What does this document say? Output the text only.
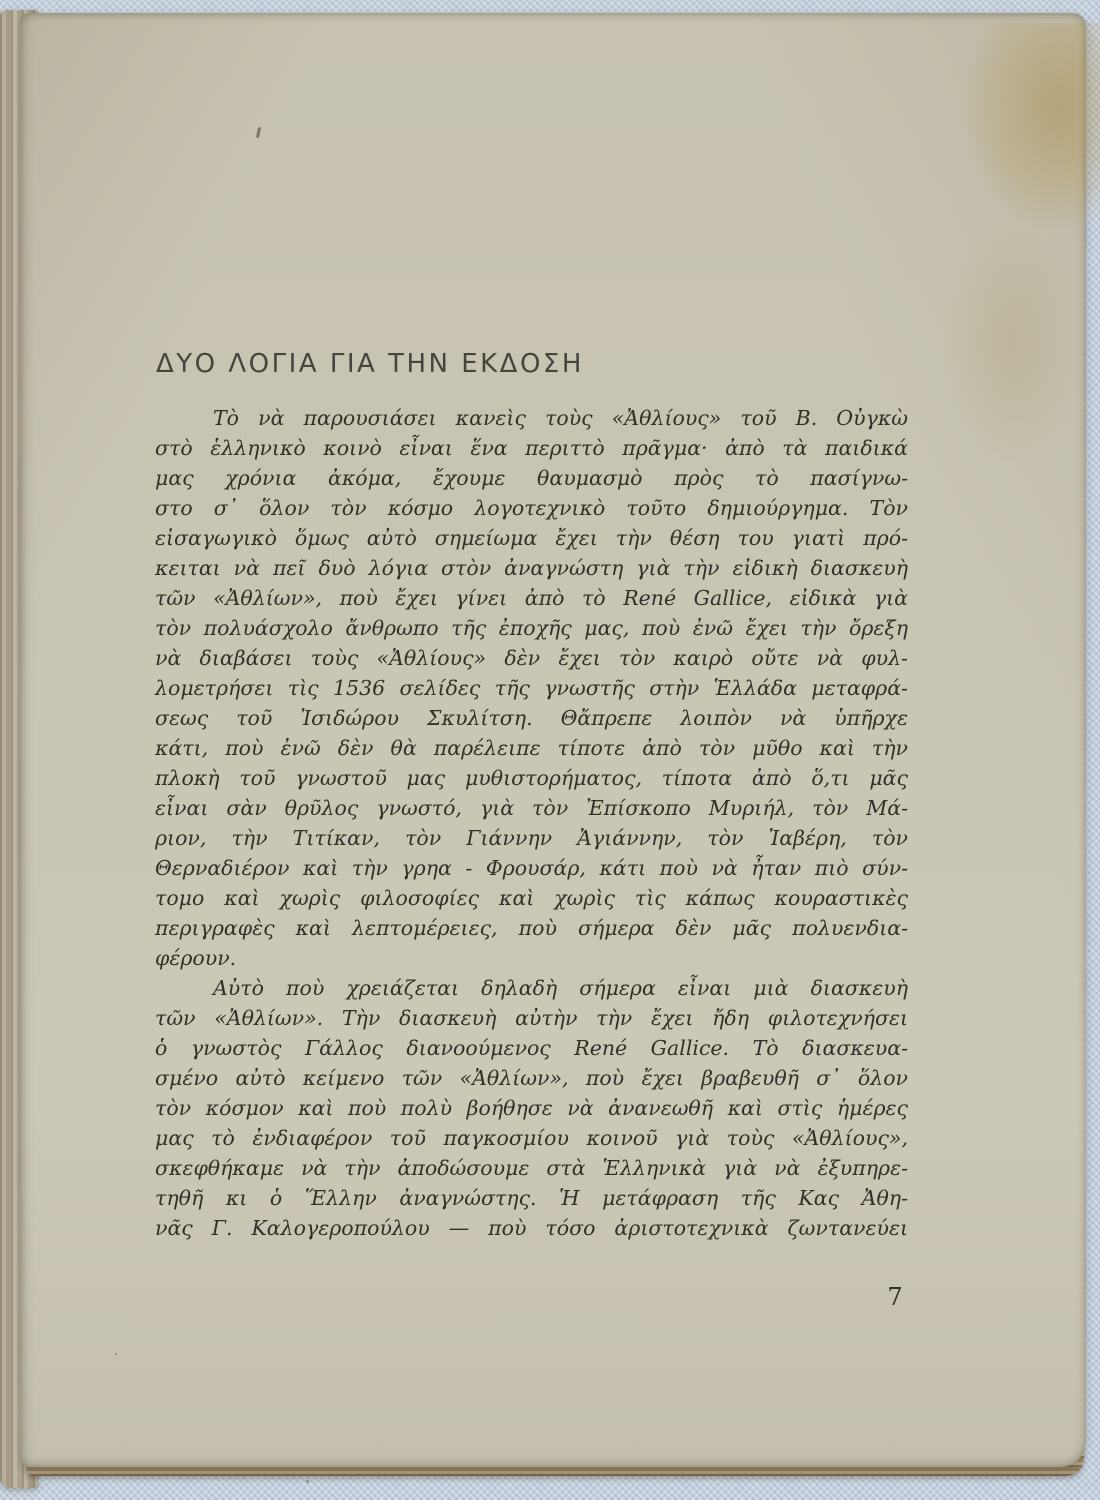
ΔΥΟ ΛΟΓΙΑ ΓΙΑ ΤΗΝ ΕΚΔΟΣΗ
Τὸ νὰ παρουσιάσει κανεὶς τοὺς «Ἀθλίους» τοῦ Β. Οὐγκὼ
στὸ ἑλληνικὸ κοινὸ εἶναι ἕνα περιττὸ πρᾶγμα· ἀπὸ τὰ παιδικά
μας χρόνια ἀκόμα, ἔχουμε θαυμασμὸ πρὸς τὸ πασίγνω-
στο σ᾽ ὅλον τὸν κόσμο λογοτεχνικὸ τοῦτο δημιούργημα. Τὸν
εἰσαγωγικὸ ὅμως αὐτὸ σημείωμα ἔχει τὴν θέση του γιατὶ πρό-
κειται νὰ πεῖ δυὸ λόγια στὸν ἀναγνώστη γιὰ τὴν εἰδικὴ διασκευὴ
τῶν «Ἀθλίων», ποὺ ἔχει γίνει ἀπὸ τὸ René Gallice, εἰδικὰ γιὰ
τὸν πολυάσχολο ἄνθρωπο τῆς ἐποχῆς μας, ποὺ ἐνῶ ἔχει τὴν ὄρεξη
νὰ διαβάσει τοὺς «Ἀθλίους» δὲν ἔχει τὸν καιρὸ οὔτε νὰ φυλ-
λομετρήσει τὶς 1536 σελίδες τῆς γνωστῆς στὴν Ἑλλάδα μεταφρά-
σεως τοῦ Ἰσιδώρου Σκυλίτση. Θἄπρεπε λοιπὸν νὰ ὑπῆρχε
κάτι, ποὺ ἐνῶ δὲν θὰ παρέλειπε τίποτε ἀπὸ τὸν μῦθο καὶ τὴν
πλοκὴ τοῦ γνωστοῦ μας μυθιστορήματος, τίποτα ἀπὸ ὅ,τι μᾶς
εἶναι σὰν θρῦλος γνωστό, γιὰ τὸν Ἐπίσκοπο Μυριήλ, τὸν Μά-
ριον, τὴν Τιτίκαν, τὸν Γιάννην Ἀγιάννην, τὸν Ἰαβέρη, τὸν
Θερναδιέρον καὶ τὴν γρηα - Φρουσάρ, κάτι ποὺ νὰ ἦταν πιὸ σύν-
τομο καὶ χωρὶς φιλοσοφίες καὶ χωρὶς τὶς κάπως κουραστικὲς
περιγραφὲς καὶ λεπτομέρειες, ποὺ σήμερα δὲν μᾶς πολυενδια-
φέρουν.
Αὐτὸ ποὺ χρειάζεται δηλαδὴ σήμερα εἶναι μιὰ διασκευὴ
τῶν «Ἀθλίων». Τὴν διασκευὴ αὐτὴν τὴν ἔχει ἤδη φιλοτεχνήσει
ὁ γνωστὸς Γάλλος διανοούμενος René Gallice. Τὸ διασκευα-
σμένο αὐτὸ κείμενο τῶν «Ἀθλίων», ποὺ ἔχει βραβευθῆ σ᾽ ὅλον
τὸν κόσμον καὶ ποὺ πολὺ βοήθησε νὰ ἀνανεωθῆ καὶ στὶς ἡμέρες
μας τὸ ἐνδιαφέρον τοῦ παγκοσμίου κοινοῦ γιὰ τοὺς «Ἀθλίους»,
σκεφθήκαμε νὰ τὴν ἀποδώσουμε στὰ Ἑλληνικὰ γιὰ νὰ ἐξυπηρε-
τηθῆ κι ὁ Ἕλλην ἀναγνώστης. Ἡ μετάφραση τῆς Κας Ἀθη-
νᾶς Γ. Καλογεροπούλου — ποὺ τόσο ἀριστοτεχνικὰ ζωντανεύει
7
